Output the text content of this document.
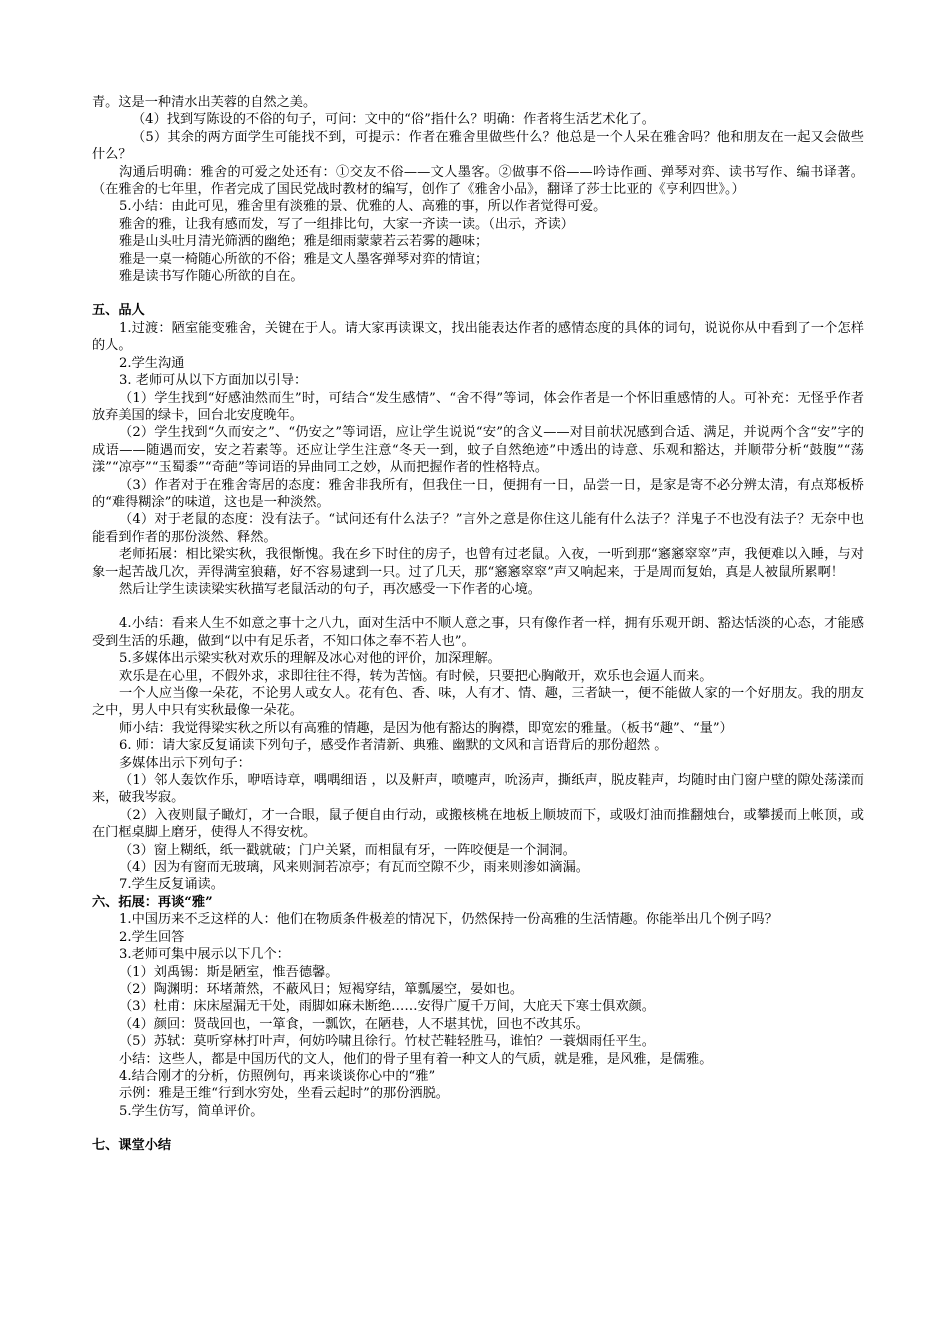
青。这是一种清水出芙蓉的自然之美。

（4）找到写陈设的不俗的句子，可问：文中的“俗”指什么？明确：作者将生活艺术化了。

（5）其余的两方面学生可能找不到，可提示：作者在雅舍里做些什么？他总是一个人呆在雅舍吗？他和朋友在一起又会做些什么？

沟通后明确：雅舍的可爱之处还有：①交友不俗——文人墨客。②做事不俗——吟诗作画、弹琴对弈、读书写作、编书译著。（在雅舍的七年里，作者完成了国民党战时教材的编写，创作了《雅舍小品》，翻译了莎士比亚的《亨利四世》。）

5.小结：由此可见，雅舍里有淡雅的景、优雅的人、高雅的事，所以作者觉得可爱。

雅舍的雅，让我有感而发，写了一组排比句，大家一齐读一读。（出示，齐读）

雅是山头吐月清光筛洒的幽绝；雅是细雨蒙蒙若云若雾的趣味；

雅是一桌一椅随心所欲的不俗；雅是文人墨客弹琴对弈的情谊；

雅是读书写作随心所欲的自在。

五、品人

1.过渡：陋室能变雅舍，关键在于人。请大家再读课文，找出能表达作者的感情态度的具体的词句，说说你从中看到了一个怎样的人。

2.学生沟通

3. 老师可从以下方面加以引导：

（1）学生找到“好感油然而生”时，可结合“发生感情”、“舍不得”等词，体会作者是一个怀旧重感情的人。可补充：无怪乎作者放弃美国的绿卡，回台北安度晚年。

（2）学生找到“久而安之”、“仍安之”等词语，应让学生说说“安”的含义——对目前状况感到合适、满足，并说两个含“安”字的成语——随遇而安，安之若素等。还应让学生注意“冬天一到，蚊子自然绝迹”中透出的诗意、乐观和豁达，并顺带分析“鼓腹”“荡漾”“凉亭”“玉蜀黍”“奇葩”等词语的异曲同工之妙，从而把握作者的性格特点。

（3）作者对于在雅舍寄居的态度：雅舍非我所有，但我住一日，便拥有一日，品尝一日，是家是寄不必分辨太清，有点郑板桥的“难得糊涂”的味道，这也是一种淡然。

（4）对于老鼠的态度：没有法子。“试问还有什么法子？”言外之意是你住这儿能有什么法子？洋鬼子不也没有法子？无奈中也能看到作者的那份淡然、释然。

老师拓展：相比梁实秋，我很惭愧。我在乡下时住的房子，也曾有过老鼠。入夜，一听到那“窸窸窣窣”声，我便难以入睡，与对象一起苦战几次，弄得满室狼藉，好不容易逮到一只。过了几天，那“窸窸窣窣”声又响起来，于是周而复始，真是人被鼠所累啊！

然后让学生读读梁实秋描写老鼠活动的句子，再次感受一下作者的心境。

4.小结：看来人生不如意之事十之八九，面对生活中不顺人意之事，只有像作者一样，拥有乐观开朗、豁达恬淡的心态，才能感受到生活的乐趣，做到“以中有足乐者，不知口体之奉不若人也”。

5.多媒体出示梁实秋对欢乐的理解及冰心对他的评价，加深理解。

欢乐是在心里，不假外求，求即往往不得，转为苦恼。有时候，只要把心胸敞开，欢乐也会逼人而来。

一个人应当像一朵花，不论男人或女人。花有色、香、味，人有才、情、趣，三者缺一，便不能做人家的一个好朋友。我的朋友之中，男人中只有实秋最像一朵花。

师小结：我觉得梁实秋之所以有高雅的情趣，是因为他有豁达的胸襟，即宽宏的雅量。（板书“趣”、“量”）

6. 师：请大家反复诵读下列句子，感受作者清新、典雅、幽默的文风和言语背后的那份超然 。

多媒体出示下列句子：

（1）邻人轰饮作乐，咿唔诗章，喁喁细语 ，以及鼾声，喷嚏声，吮汤声，撕纸声，脱皮鞋声，均随时由门窗户壁的隙处荡漾而来，破我岑寂。

（2）入夜则鼠子瞰灯，才一合眼，鼠子便自由行动，或搬核桃在地板上顺坡而下，或吸灯油而推翻烛台，或攀援而上帐顶，或在门框桌脚上磨牙，使得人不得安枕。

（3）窗上糊纸，纸一戳就破；门户关紧，而相鼠有牙，一阵咬便是一个洞洞。

（4）因为有窗而无玻璃，风来则洞若凉亭；有瓦而空隙不少，雨来则渗如滴漏。

7.学生反复诵读。

六、拓展：再谈“雅”

1.中国历来不乏这样的人：他们在物质条件极差的情况下，仍然保持一份高雅的生活情趣。你能举出几个例子吗？

2.学生回答

3.老师可集中展示以下几个：

（1）刘禹锡：斯是陋室，惟吾德馨。

（2）陶渊明：环堵萧然，不蔽风日；短褐穿结，箪瓢屡空，晏如也。

（3）杜甫：床床屋漏无干处，雨脚如麻未断绝……安得广厦千万间，大庇天下寒士俱欢颜。

（4）颜回：贤哉回也，一箪食，一瓢饮，在陋巷，人不堪其忧，回也不改其乐。

（5）苏轼：莫听穿林打叶声，何妨吟啸且徐行。竹杖芒鞋轻胜马，谁怕？一蓑烟雨任平生。

小结：这些人，都是中国历代的文人，他们的骨子里有着一种文人的气质，就是雅，是风雅，是儒雅。

4.结合刚才的分析，仿照例句，再来谈谈你心中的“雅”

示例：雅是王维“行到水穷处，坐看云起时”的那份洒脱。

5.学生仿写，简单评价。

七、课堂小结
